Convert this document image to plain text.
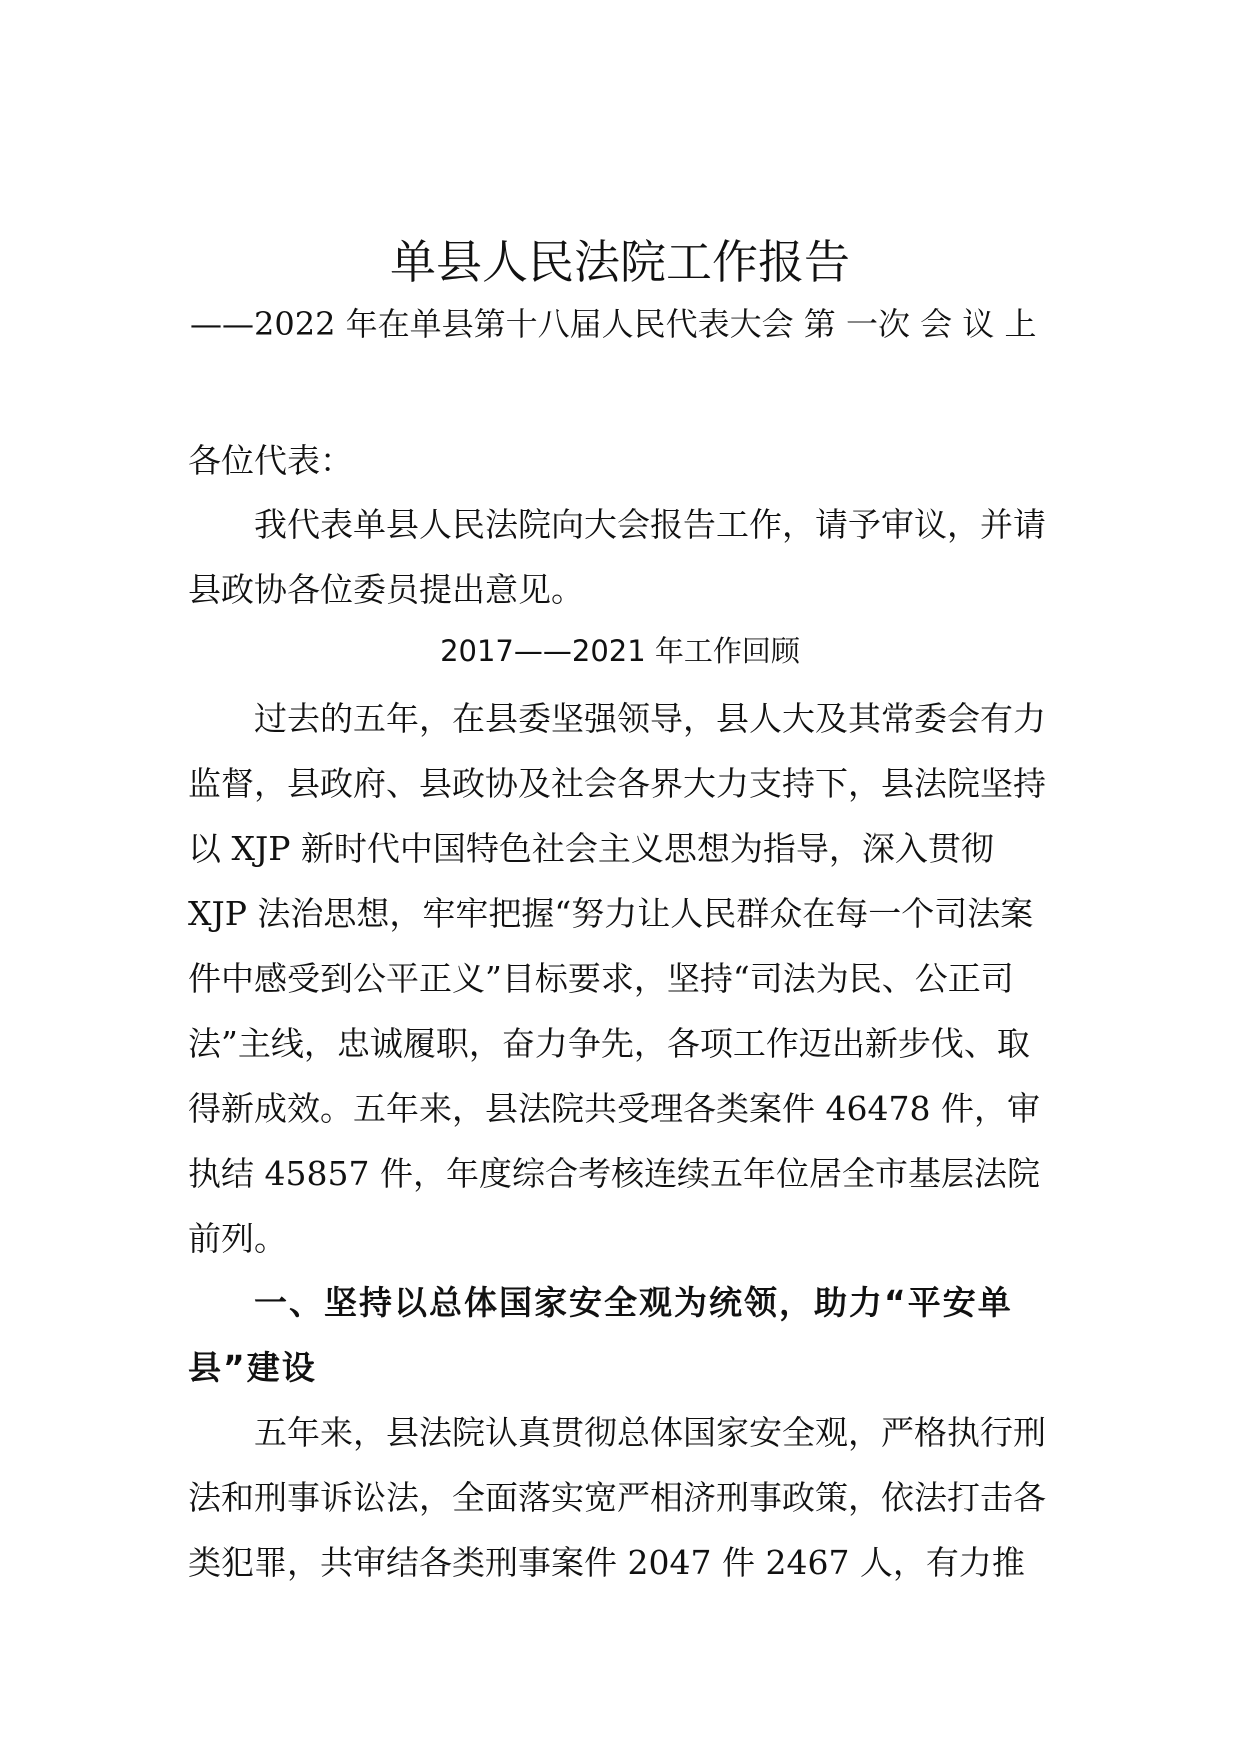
单县人民法院工作报告

——2022 年在单县第十八届人民代表大会 第 一次 会 议 上

各位代表：

我代表单县人民法院向大会报告工作，请予审议，并请县政协各位委员提出意见。

2017——2021 年工作回顾

过去的五年，在县委坚强领导，县人大及其常委会有力监督，县政府、县政协及社会各界大力支持下，县法院坚持以 XJP 新时代中国特色社会主义思想为指导，深入贯彻 XJP 法治思想，牢牢把握“努力让人民群众在每一个司法案件中感受到公平正义”目标要求，坚持“司法为民、公正司法”主线，忠诚履职，奋力争先，各项工作迈出新步伐、取得新成效。五年来，县法院共受理各类案件 46478 件，审执结 45857 件，年度综合考核连续五年位居全市基层法院前列。

一、坚持以总体国家安全观为统领，助力“平安单县”建设

五年来，县法院认真贯彻总体国家安全观，严格执行刑法和刑事诉讼法，全面落实宽严相济刑事政策，依法打击各类犯罪，共审结各类刑事案件 2047 件 2467 人，有力推
